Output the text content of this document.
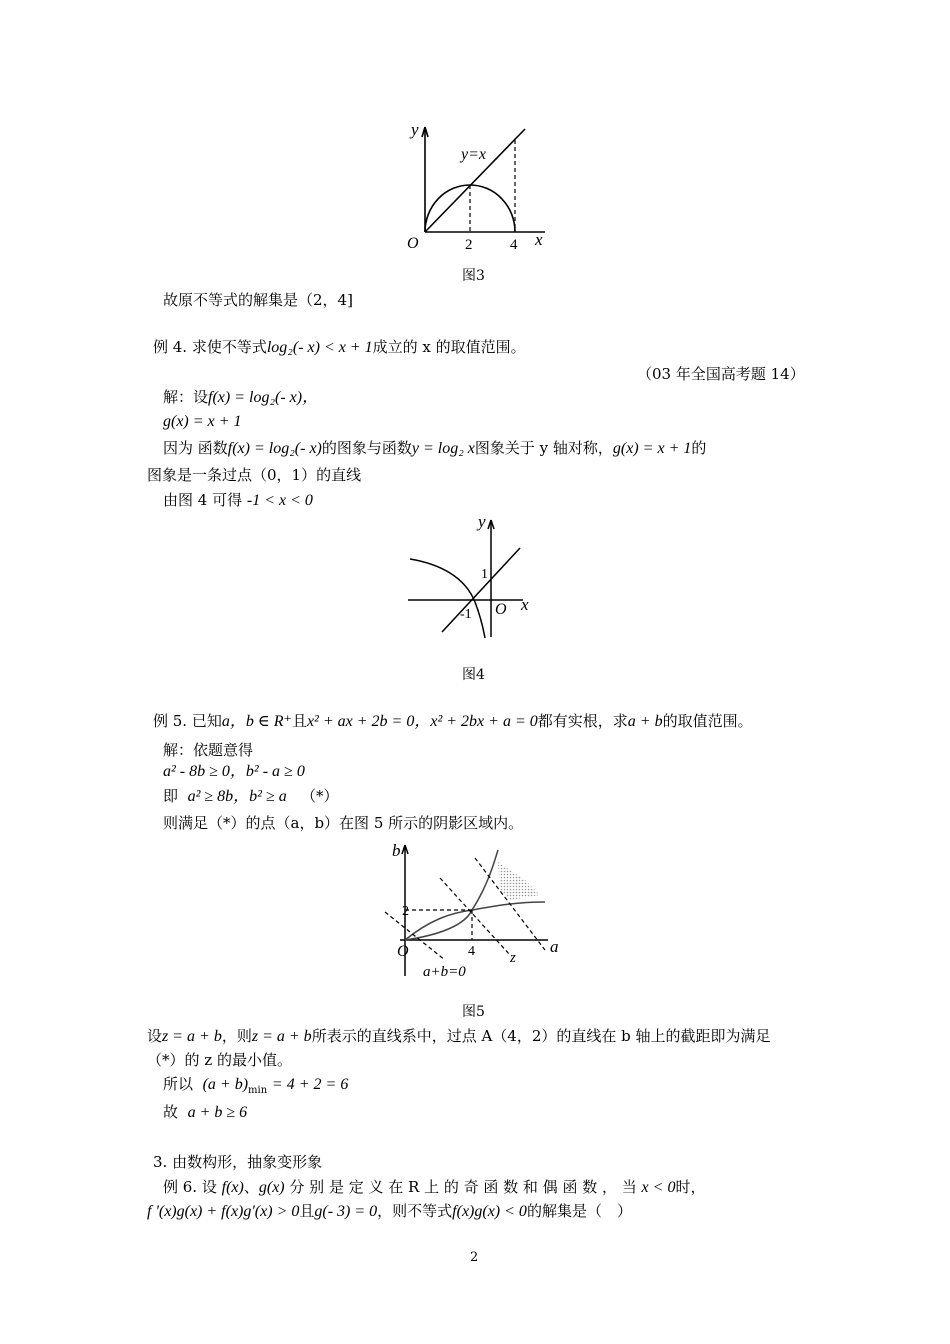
y
x
O
y=x
2	4
图3
故原不等式的解集是（2，4]
例 4. 求使不等式log₂(- x) < x + 1成立的 x 的取值范围。
（03 年全国高考题 14）
解：设f(x) = log₂(- x)，
g(x) = x + 1
因为 函数f(x) = log₂(- x)的图象与函数y = log₂ x图象关于 y 轴对称，g(x) = x + 1的
图象是一条过点（0，1）的直线
由图 4 可得 -1 < x < 0
y
x
O
1
-1
图4
例 5. 已知a，b ∈ R⁺且x² + ax + 2b = 0，x² + 2bx + a = 0都有实根，求a + b的取值范围。
解：依题意得
a² - 8b ≥ 0，b² - a ≥ 0
即 a² ≥ 8b，b² ≥ a （*）
则满足（*）的点（a，b）在图 5 所示的阴影区域内。
b
a
O
2
4 z
a+b=0
图5
设z = a + b，则z = a + b所表示的直线系中，过点 A（4，2）的直线在 b 轴上的截距即为满足
（*）的 z 的最小值。
所以 $(a + b)_{min} = 4 + 2 = 6$
故 a + b ≥ 6
3. 由数构形，抽象变形象
例 6. 设 f(x)、g(x) 分 别 是 定 义 在 R 上 的 奇 函 数 和 偶 函 数 ， 当 x < 0时，
f '(x)g(x) + f(x)g'(x) > 0且g(- 3) = 0，则不等式f(x)g(x) < 0的解集是（　）
2
